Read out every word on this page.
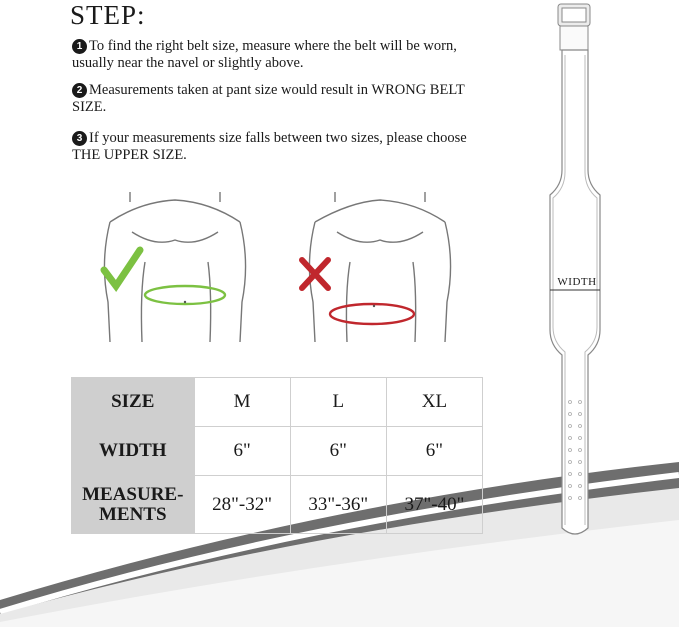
STEP:
1 To find the right belt size, measure where the belt will be worn, usually near the navel or slightly above.
2 Measurements taken at pant size would result in WRONG BELT SIZE.
3 If your measurements size falls between two sizes, please choose THE UPPER SIZE.
WIDTH
SIZE	M	L	XL
WIDTH	6"	6"	6"
MEASURE-
MENTS	28"-32"	33"-36"	37"-40"
